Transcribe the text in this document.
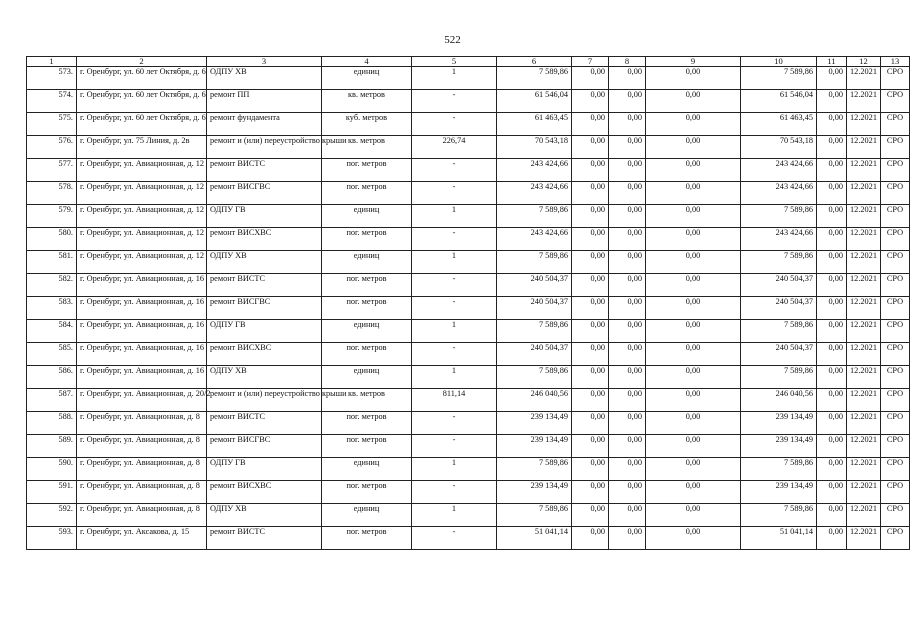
522
1	2	3	4	5	6	7	8	9	10	11	12	13
573.	г. Оренбург, ул. 60 лет Октября, д. 6	ОДПУ ХВ	единиц	1	7 589,86	0,00	0,00	0,00	7 589,86	0,00	12.2021	СРО
574.	г. Оренбург, ул. 60 лет Октября, д. 6	ремонт ПП	кв. метров	-	61 546,04	0,00	0,00	0,00	61 546,04	0,00	12.2021	СРО
575.	г. Оренбург, ул. 60 лет Октября, д. 6	ремонт фундамента	куб. метров	-	61 463,45	0,00	0,00	0,00	61 463,45	0,00	12.2021	СРО
576.	г. Оренбург, ул. 75 Линия, д. 2в	ремонт и (или) переустройство крыши	кв. метров	226,74	70 543,18	0,00	0,00	0,00	70 543,18	0,00	12.2021	СРО
577.	г. Оренбург, ул. Авиационная, д. 12	ремонт ВИСТС	пог. метров	-	243 424,66	0,00	0,00	0,00	243 424,66	0,00	12.2021	СРО
578.	г. Оренбург, ул. Авиационная, д. 12	ремонт ВИСГВС	пог. метров	-	243 424,66	0,00	0,00	0,00	243 424,66	0,00	12.2021	СРО
579.	г. Оренбург, ул. Авиационная, д. 12	ОДПУ ГВ	единиц	1	7 589,86	0,00	0,00	0,00	7 589,86	0,00	12.2021	СРО
580.	г. Оренбург, ул. Авиационная, д. 12	ремонт ВИСХВС	пог. метров	-	243 424,66	0,00	0,00	0,00	243 424,66	0,00	12.2021	СРО
581.	г. Оренбург, ул. Авиационная, д. 12	ОДПУ ХВ	единиц	1	7 589,86	0,00	0,00	0,00	7 589,86	0,00	12.2021	СРО
582.	г. Оренбург, ул. Авиационная, д. 16	ремонт ВИСТС	пог. метров	-	240 504,37	0,00	0,00	0,00	240 504,37	0,00	12.2021	СРО
583.	г. Оренбург, ул. Авиационная, д. 16	ремонт ВИСГВС	пог. метров	-	240 504,37	0,00	0,00	0,00	240 504,37	0,00	12.2021	СРО
584.	г. Оренбург, ул. Авиационная, д. 16	ОДПУ ГВ	единиц	1	7 589,86	0,00	0,00	0,00	7 589,86	0,00	12.2021	СРО
585.	г. Оренбург, ул. Авиационная, д. 16	ремонт ВИСХВС	пог. метров	-	240 504,37	0,00	0,00	0,00	240 504,37	0,00	12.2021	СРО
586.	г. Оренбург, ул. Авиационная, д. 16	ОДПУ ХВ	единиц	1	7 589,86	0,00	0,00	0,00	7 589,86	0,00	12.2021	СРО
587.	г. Оренбург, ул. Авиационная, д. 20/2	ремонт и (или) переустройство крыши	кв. метров	811,14	246 040,56	0,00	0,00	0,00	246 040,56	0,00	12.2021	СРО
588.	г. Оренбург, ул. Авиационная, д. 8	ремонт ВИСТС	пог. метров	-	239 134,49	0,00	0,00	0,00	239 134,49	0,00	12.2021	СРО
589.	г. Оренбург, ул. Авиационная, д. 8	ремонт ВИСГВС	пог. метров	-	239 134,49	0,00	0,00	0,00	239 134,49	0,00	12.2021	СРО
590.	г. Оренбург, ул. Авиационная, д. 8	ОДПУ ГВ	единиц	1	7 589,86	0,00	0,00	0,00	7 589,86	0,00	12.2021	СРО
591.	г. Оренбург, ул. Авиационная, д. 8	ремонт ВИСХВС	пог. метров	-	239 134,49	0,00	0,00	0,00	239 134,49	0,00	12.2021	СРО
592.	г. Оренбург, ул. Авиационная, д. 8	ОДПУ ХВ	единиц	1	7 589,86	0,00	0,00	0,00	7 589,86	0,00	12.2021	СРО
593.	г. Оренбург, ул. Аксакова, д. 15	ремонт ВИСТС	пог. метров	-	51 041,14	0,00	0,00	0,00	51 041,14	0,00	12.2021	СРО
